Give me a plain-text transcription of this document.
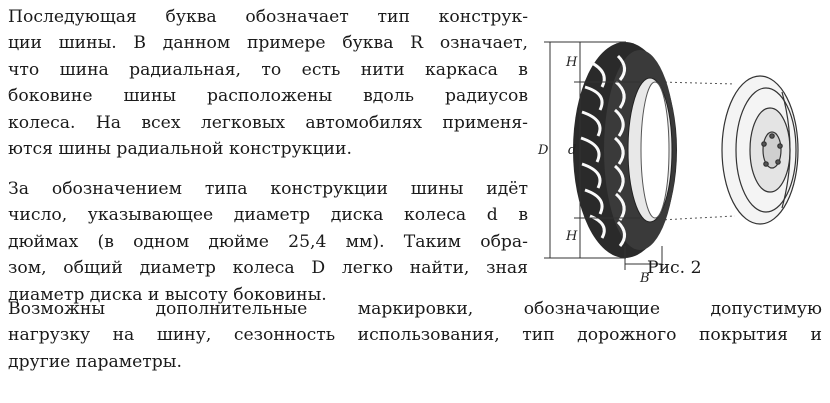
Последующая буква обозначает тип конструк-
ции шины. В данном примере буква R означает,
что шина радиальная, то есть нити каркаса в
боковине шины расположены вдоль радиусов
колеса. На всех легковых автомобилях применя-
ются шины радиальной конструкции.
За обозначением типа конструкции шины идёт
число, указывающее диаметр диска колеса d в
дюймах (в одном дюйме 25,4 мм). Таким обра-
зом, общий диаметр колеса D легко найти, зная
диаметр диска и высоту боковины.
Возможны дополнительные маркировки, обозначающие допустимую
нагрузку на шину, сезонность использования, тип дорожного покрытия и
другие параметры.
D
H
d
H
B
Рис. 2
